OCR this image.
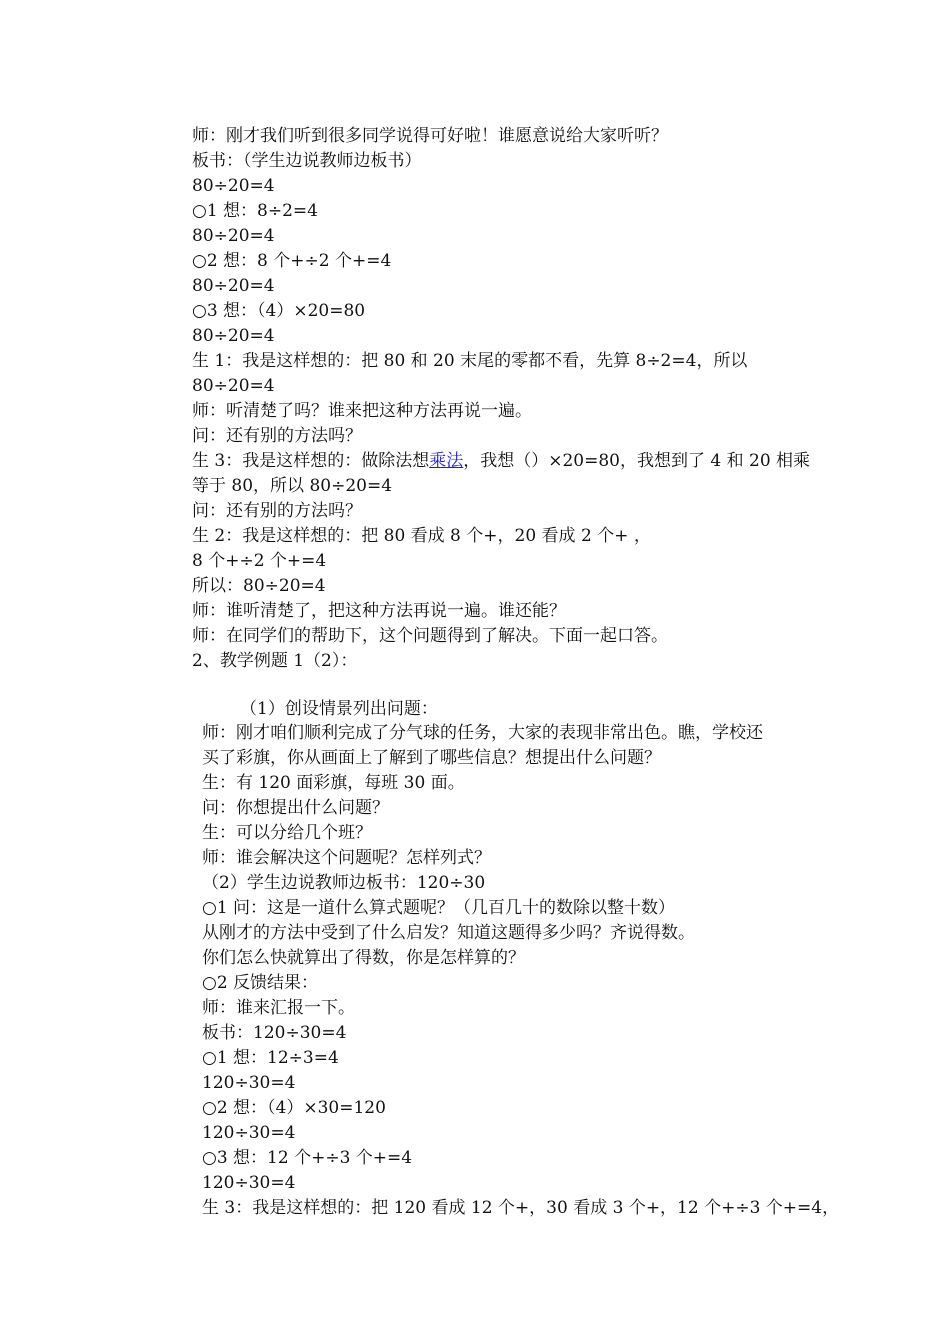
师：刚才我们听到很多同学说得可好啦！谁愿意说给大家听听？
板书：（学生边说教师边板书）
80÷20=4
○1 想：8÷2=4
80÷20=4
○2 想：8 个+÷2 个+=4
80÷20=4
○3 想：（4）×20=80
80÷20=4
生 1：我是这样想的：把 80 和 20 末尾的零都不看，先算 8÷2=4，所以
80÷20=4
师：听清楚了吗？谁来把这种方法再说一遍。
问：还有别的方法吗？
生 3：我是这样想的：做除法想乘法，我想（）×20=80，我想到了 4 和 20 相乘
等于 80，所以 80÷20=4
问：还有别的方法吗？
生 2：我是这样想的：把 80 看成 8 个+，20 看成 2 个+ ，
8 个+÷2 个+=4
所以：80÷20=4
师：谁听清楚了，把这种方法再说一遍。谁还能？
师：在同学们的帮助下，这个问题得到了解决。下面一起口答。
2、教学例题 1（2）：
（1）创设情景列出问题：
师：刚才咱们顺利完成了分气球的任务，大家的表现非常出色。瞧，学校还
买了彩旗，你从画面上了解到了哪些信息？想提出什么问题？
生：有 120 面彩旗，每班 30 面。
问：你想提出什么问题？
生：可以分给几个班？
师：谁会解决这个问题呢？怎样列式？
（2）学生边说教师边板书：120÷30
○1 问：这是一道什么算式题呢？（几百几十的数除以整十数）
从刚才的方法中受到了什么启发？知道这题得多少吗？齐说得数。
你们怎么快就算出了得数，你是怎样算的？
○2 反馈结果：
师：谁来汇报一下。
板书：120÷30=4
○1 想：12÷3=4
120÷30=4
○2 想：（4）×30=120
120÷30=4
○3 想：12 个+÷3 个+=4
120÷30=4
生 3：我是这样想的：把 120 看成 12 个+，30 看成 3 个+，12 个+÷3 个+=4，
